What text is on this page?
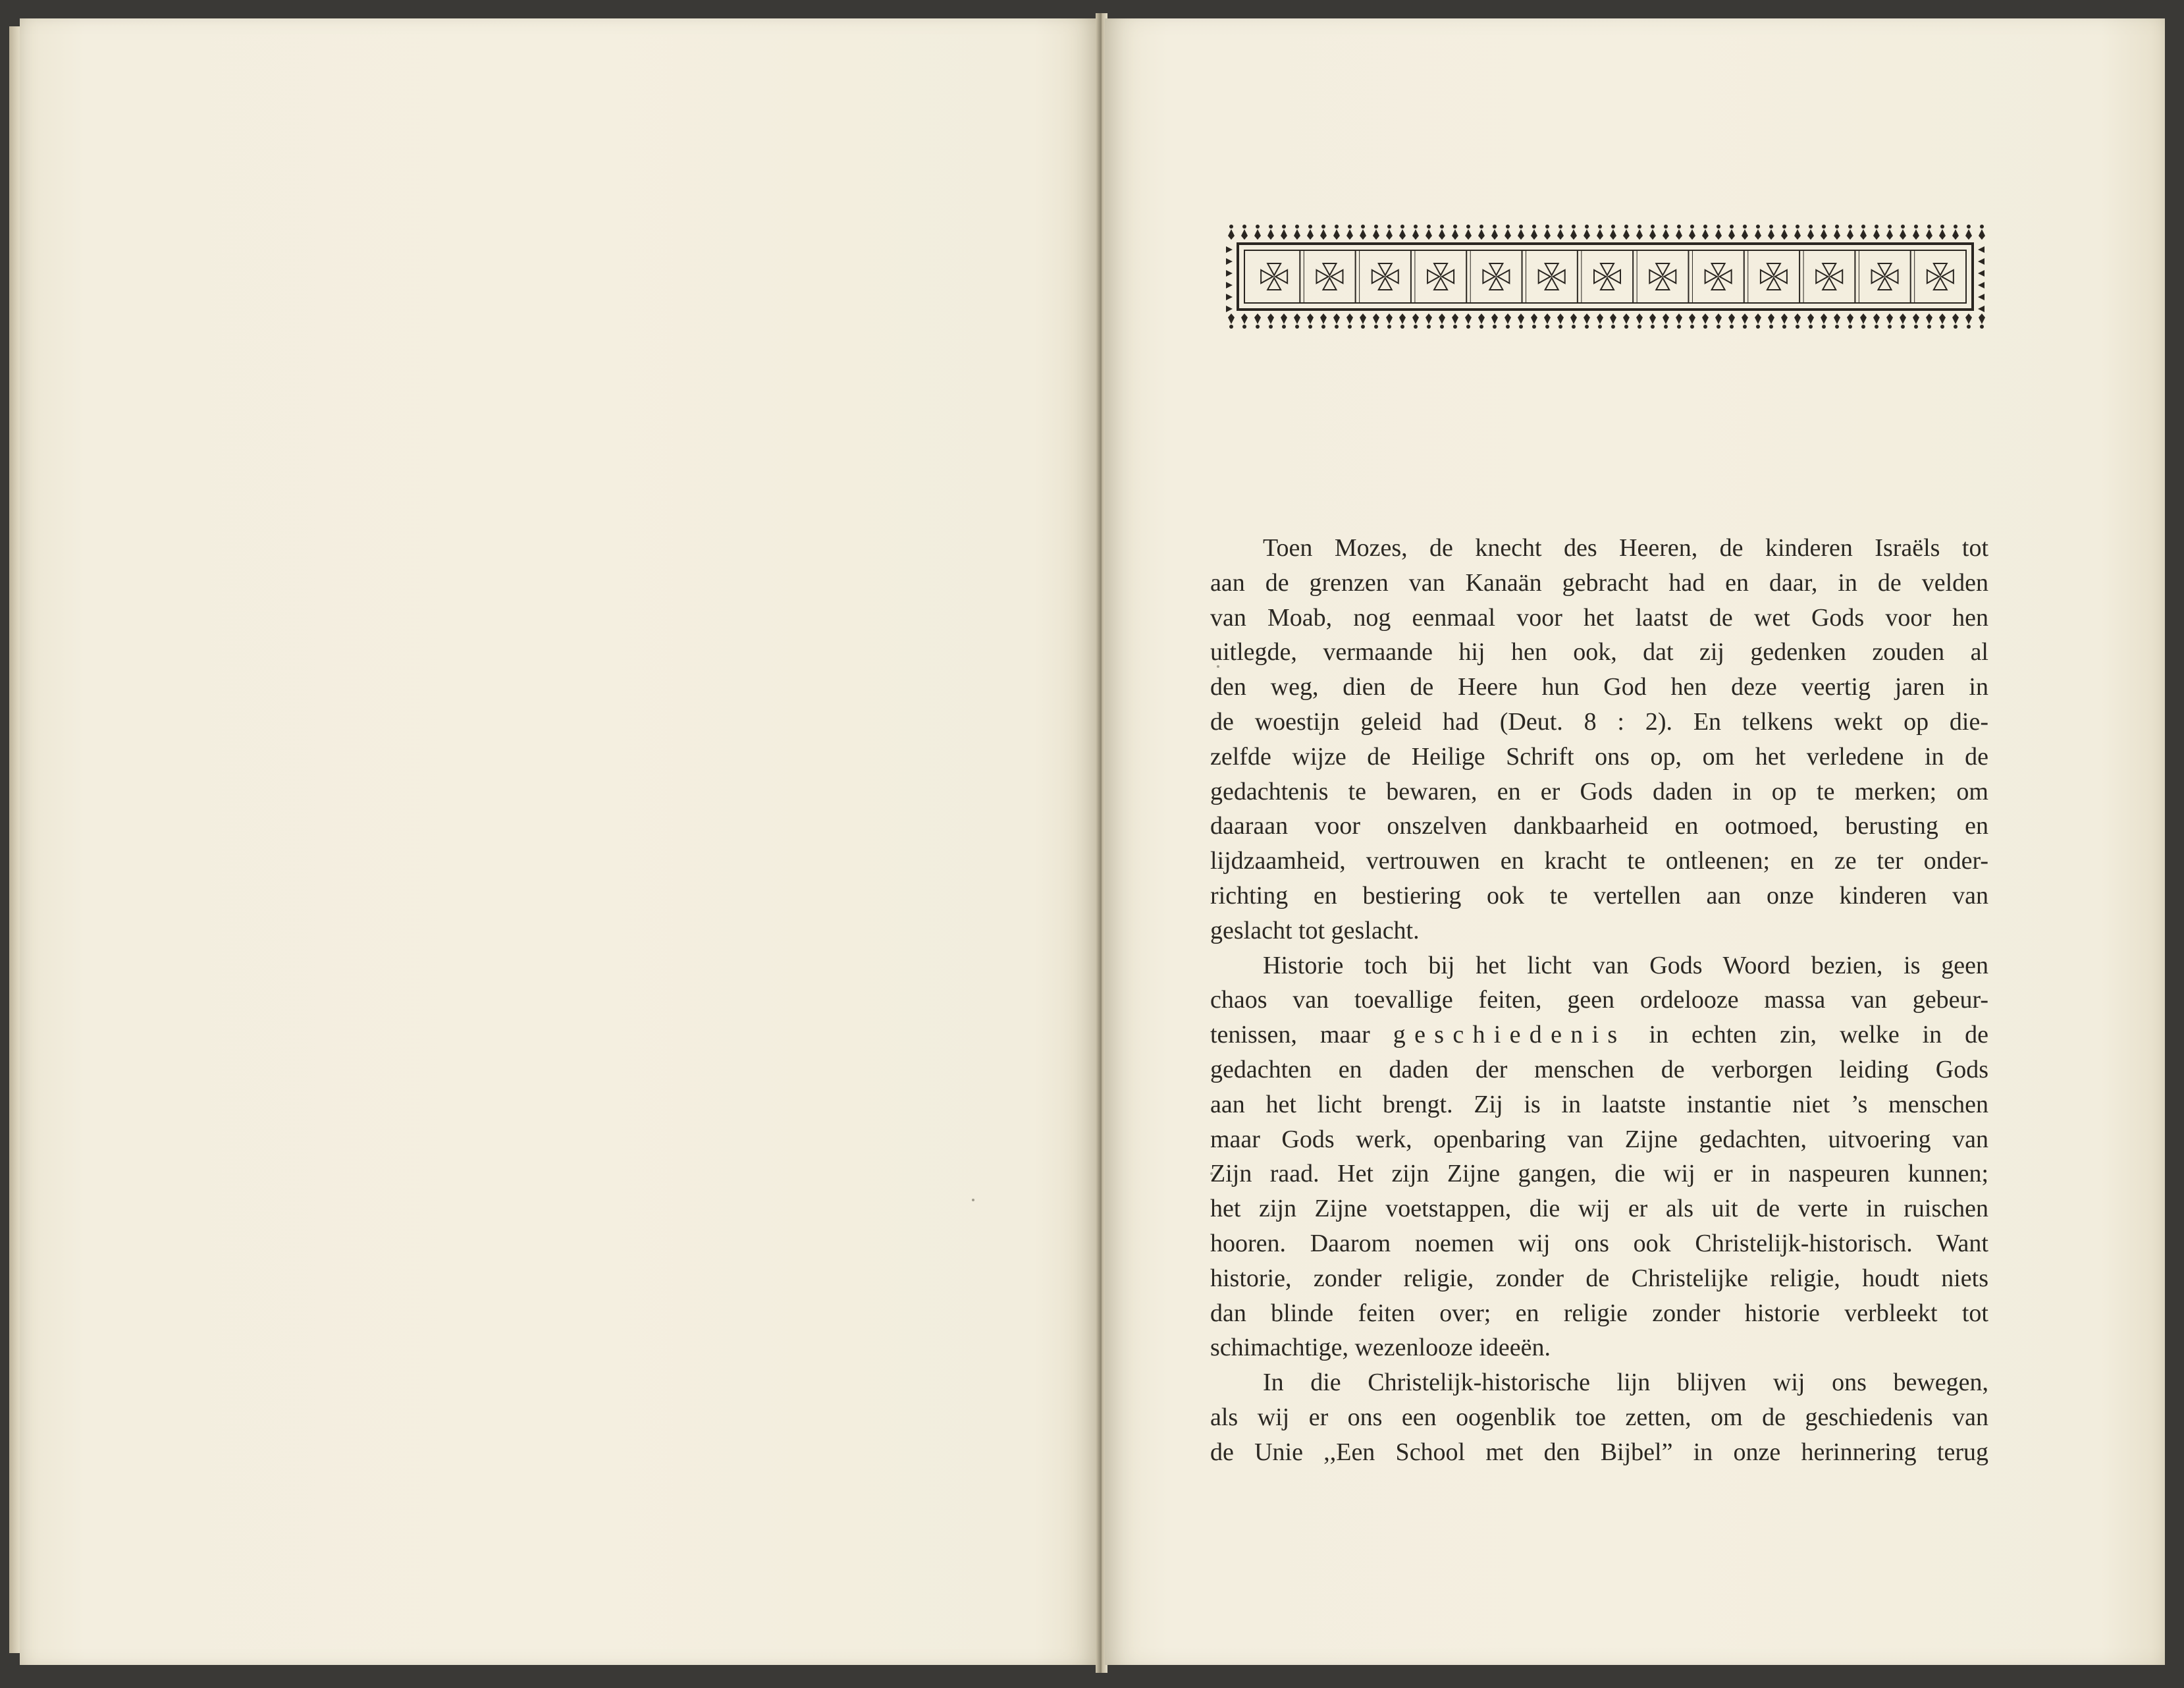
Toen Mozes, de knecht des Heeren, de kinderen Israëls tot
aan de grenzen van Kanaän gebracht had en daar, in de velden
van Moab, nog eenmaal voor het laatst de wet Gods voor hen
uitlegde, vermaande hij hen ook, dat zij gedenken zouden al
den weg, dien de Heere hun God hen deze veertig jaren in
de woestijn geleid had (Deut. 8 : 2). En telkens wekt op die-
zelfde wijze de Heilige Schrift ons op, om het verledene in de
gedachtenis te bewaren, en er Gods daden in op te merken; om
daaraan voor onszelven dankbaarheid en ootmoed, berusting en
lijdzaamheid, vertrouwen en kracht te ontleenen; en ze ter onder-
richting en bestiering ook te vertellen aan onze kinderen van
geslacht tot geslacht.
Historie toch bij het licht van Gods Woord bezien, is geen
chaos van toevallige feiten, geen ordelooze massa van gebeur-
tenissen, maar geschiedenis in echten zin, welke in de
gedachten en daden der menschen de verborgen leiding Gods
aan het licht brengt. Zij is in laatste instantie niet ’s menschen
maar Gods werk, openbaring van Zijne gedachten, uitvoering van
Zijn raad. Het zijn Zijne gangen, die wij er in naspeuren kunnen;
het zijn Zijne voetstappen, die wij er als uit de verte in ruischen
hooren. Daarom noemen wij ons ook Christelijk-historisch. Want
historie, zonder religie, zonder de Christelijke religie, houdt niets
dan blinde feiten over; en religie zonder historie verbleekt tot
schimachtige, wezenlooze ideeën.
In die Christelijk-historische lijn blijven wij ons bewegen,
als wij er ons een oogenblik toe zetten, om de geschiedenis van
de Unie ,,Een School met den Bijbel” in onze herinnering terug
